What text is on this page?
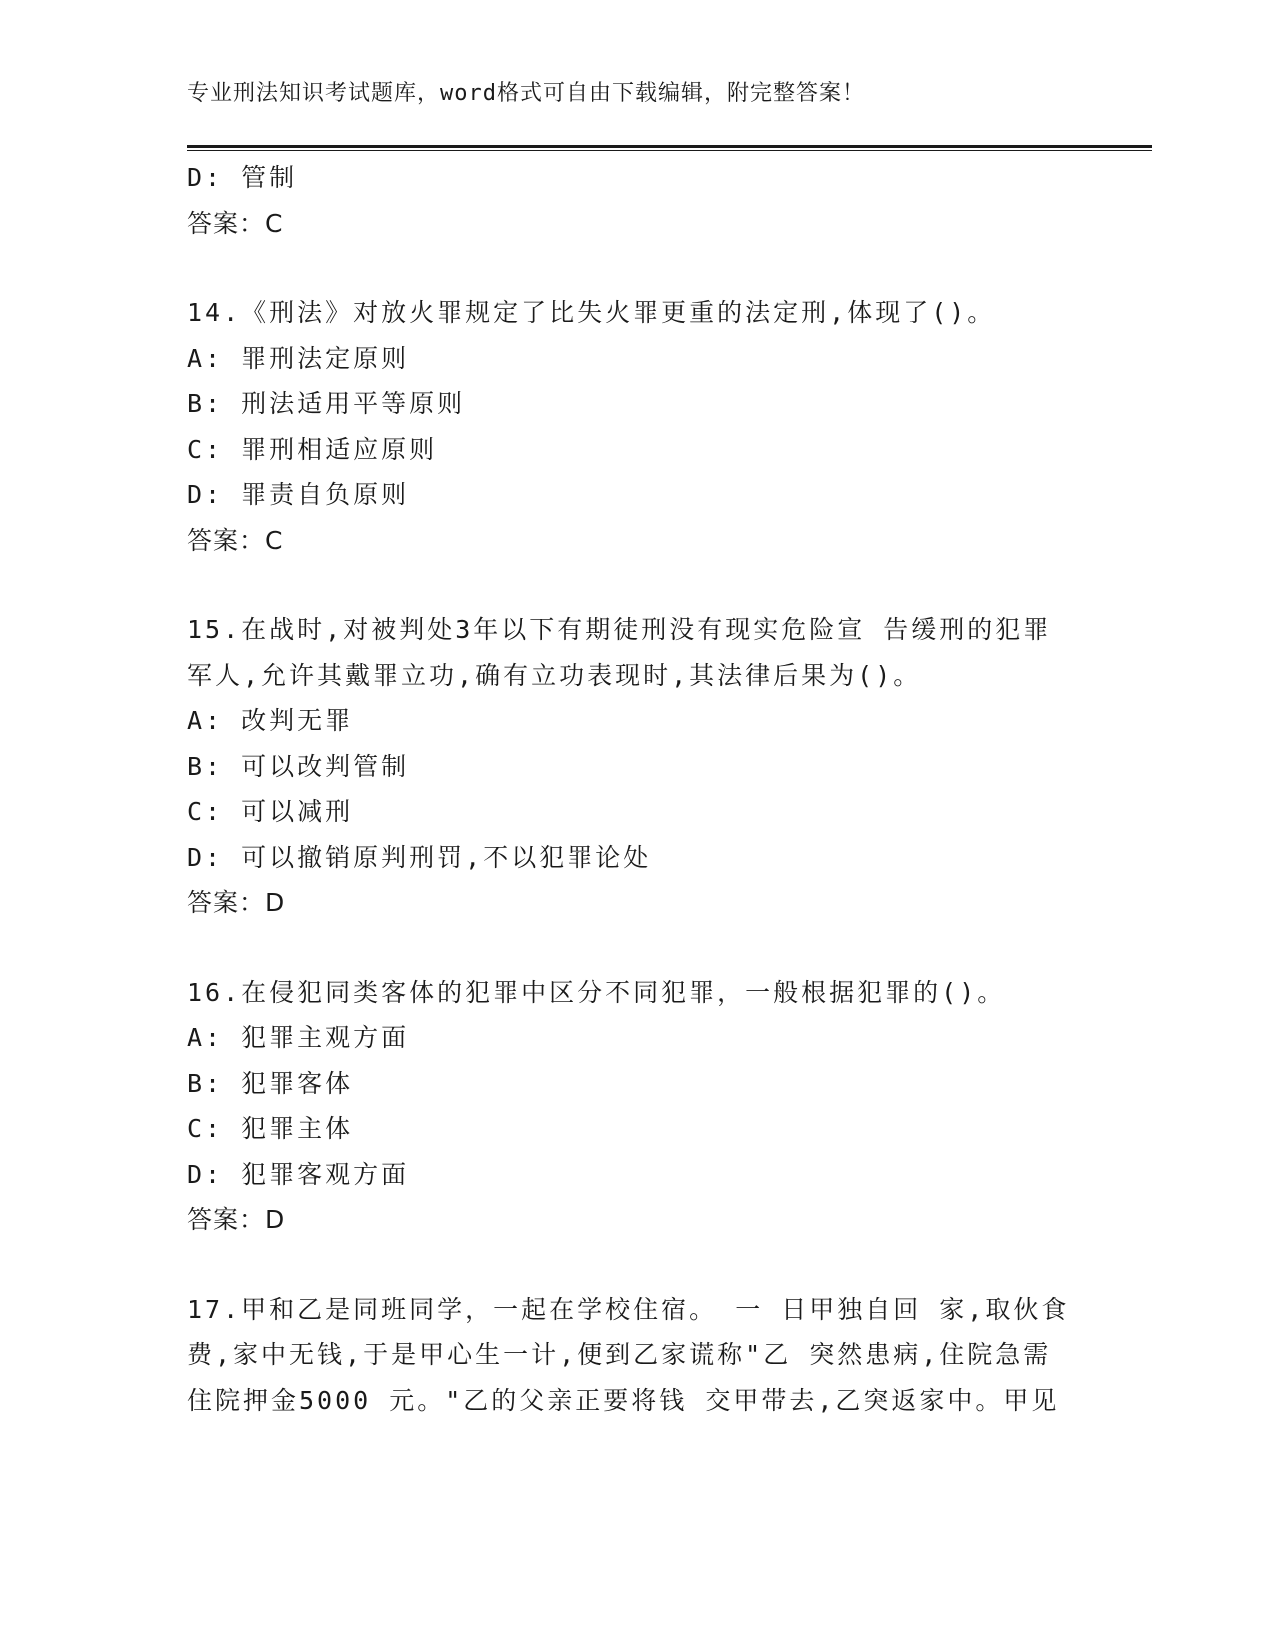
专业刑法知识考试题库，word格式可自由下载编辑，附完整答案！
D: 管制
答案：C
14.《刑法》对放火罪规定了比失火罪更重的法定刑,体现了()。
A: 罪刑法定原则
B: 刑法适用平等原则
C: 罪刑相适应原则
D: 罪责自负原则
答案：C
15.在战时,对被判处3年以下有期徒刑没有现实危险宣 告缓刑的犯罪
军人,允许其戴罪立功,确有立功表现时,其法律后果为()。
A: 改判无罪
B: 可以改判管制
C: 可以减刑
D: 可以撤销原判刑罚,不以犯罪论处
答案：D
16.在侵犯同类客体的犯罪中区分不同犯罪，一般根据犯罪的()。
A: 犯罪主观方面
B: 犯罪客体
C: 犯罪主体
D: 犯罪客观方面
答案：D
17.甲和乙是同班同学，一起在学校住宿。 一 日甲独自回 家,取伙食
费,家中无钱,于是甲心生一计,便到乙家谎称"乙 突然患病,住院急需
住院押金5000 元。"乙的父亲正要将钱 交甲带去,乙突返家中。甲见
